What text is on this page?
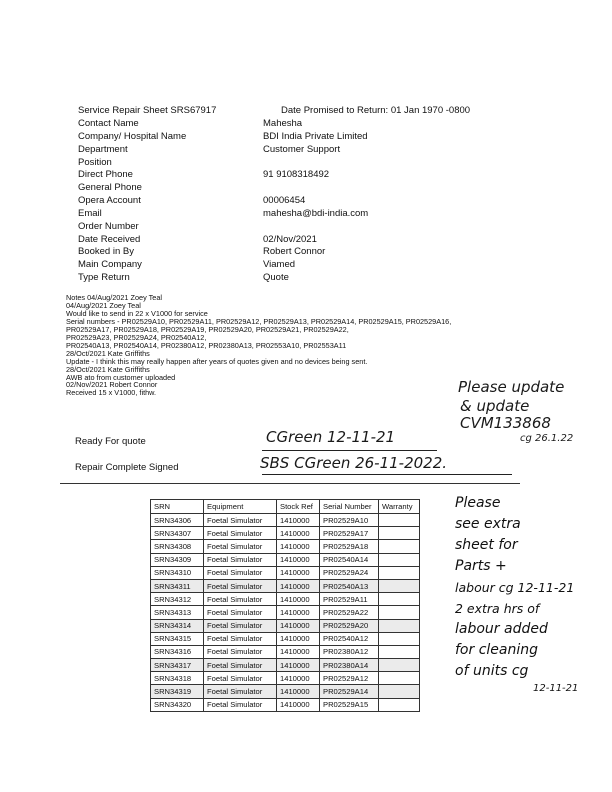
Service Repair Sheet SRS67917	Date Promised to Return: 01 Jan 1970 -0800
Contact Name	Mahesha
Company/ Hospital Name	BDI India Private Limited
Department	Customer Support
Position
Direct Phone	91 9108318492
General Phone
Opera Account	00006454
Email	mahesha@bdi-india.com
Order Number
Date Received	02/Nov/2021
Booked in By	Robert Connor
Main Company	Viamed
Type Return	Quote
Notes 04/Aug/2021 Zoey Teal
04/Aug/2021 Zoey Teal
Would like to send in 22 x V1000 for service
Serial numbers - PR02529A10, PR02529A11, PR02529A12, PR02529A13, PR02529A14, PR02529A15, PR02529A16,
PR02529A17, PR02529A18, PR02529A19, PR02529A20, PR02529A21, PR02529A22,
PR02529A23, PR02529A24, PR02540A12,
PR02540A13, PR02540A14, PR02380A12, PR02380A13, PR02553A10, PR02553A11
28/Oct/2021 Kate Griffiths
Update - I think this may really happen after years of quotes given and no devices being sent.
28/Oct/2021 Kate Griffiths
AWB ato from customer uploaded
02/Nov/2021 Robert Connor
Received 15 x V1000, fithw.	Please update
& update
CVM133868
cg 26.1.22
Ready For quote	CGreen 12-11-21
Repair Complete Signed	SBS CGreen 26-11-2022.
SRN	Equipment	Stock Ref	Serial Number	Warranty
SRN34306	Foetal Simulator	1410000	PR02529A10	
SRN34307	Foetal Simulator	1410000	PR02529A17	
SRN34308	Foetal Simulator	1410000	PR02529A18	
SRN34309	Foetal Simulator	1410000	PR02540A14	
SRN34310	Foetal Simulator	1410000	PR02529A24	
SRN34311	Foetal Simulator	1410000	PR02540A13	
SRN34312	Foetal Simulator	1410000	PR02529A11	
SRN34313	Foetal Simulator	1410000	PR02529A22	
SRN34314	Foetal Simulator	1410000	PR02529A20	
SRN34315	Foetal Simulator	1410000	PR02540A12	
SRN34316	Foetal Simulator	1410000	PR02380A12	
SRN34317	Foetal Simulator	1410000	PR02380A14	
SRN34318	Foetal Simulator	1410000	PR02529A12	
SRN34319	Foetal Simulator	1410000	PR02529A14	
SRN34320	Foetal Simulator	1410000	PR02529A15	
Please
see extra
sheet for
Parts +
labour cg 12-11-21
2 extra hrs of
labour added
for cleaning
of units cg
12-11-21
